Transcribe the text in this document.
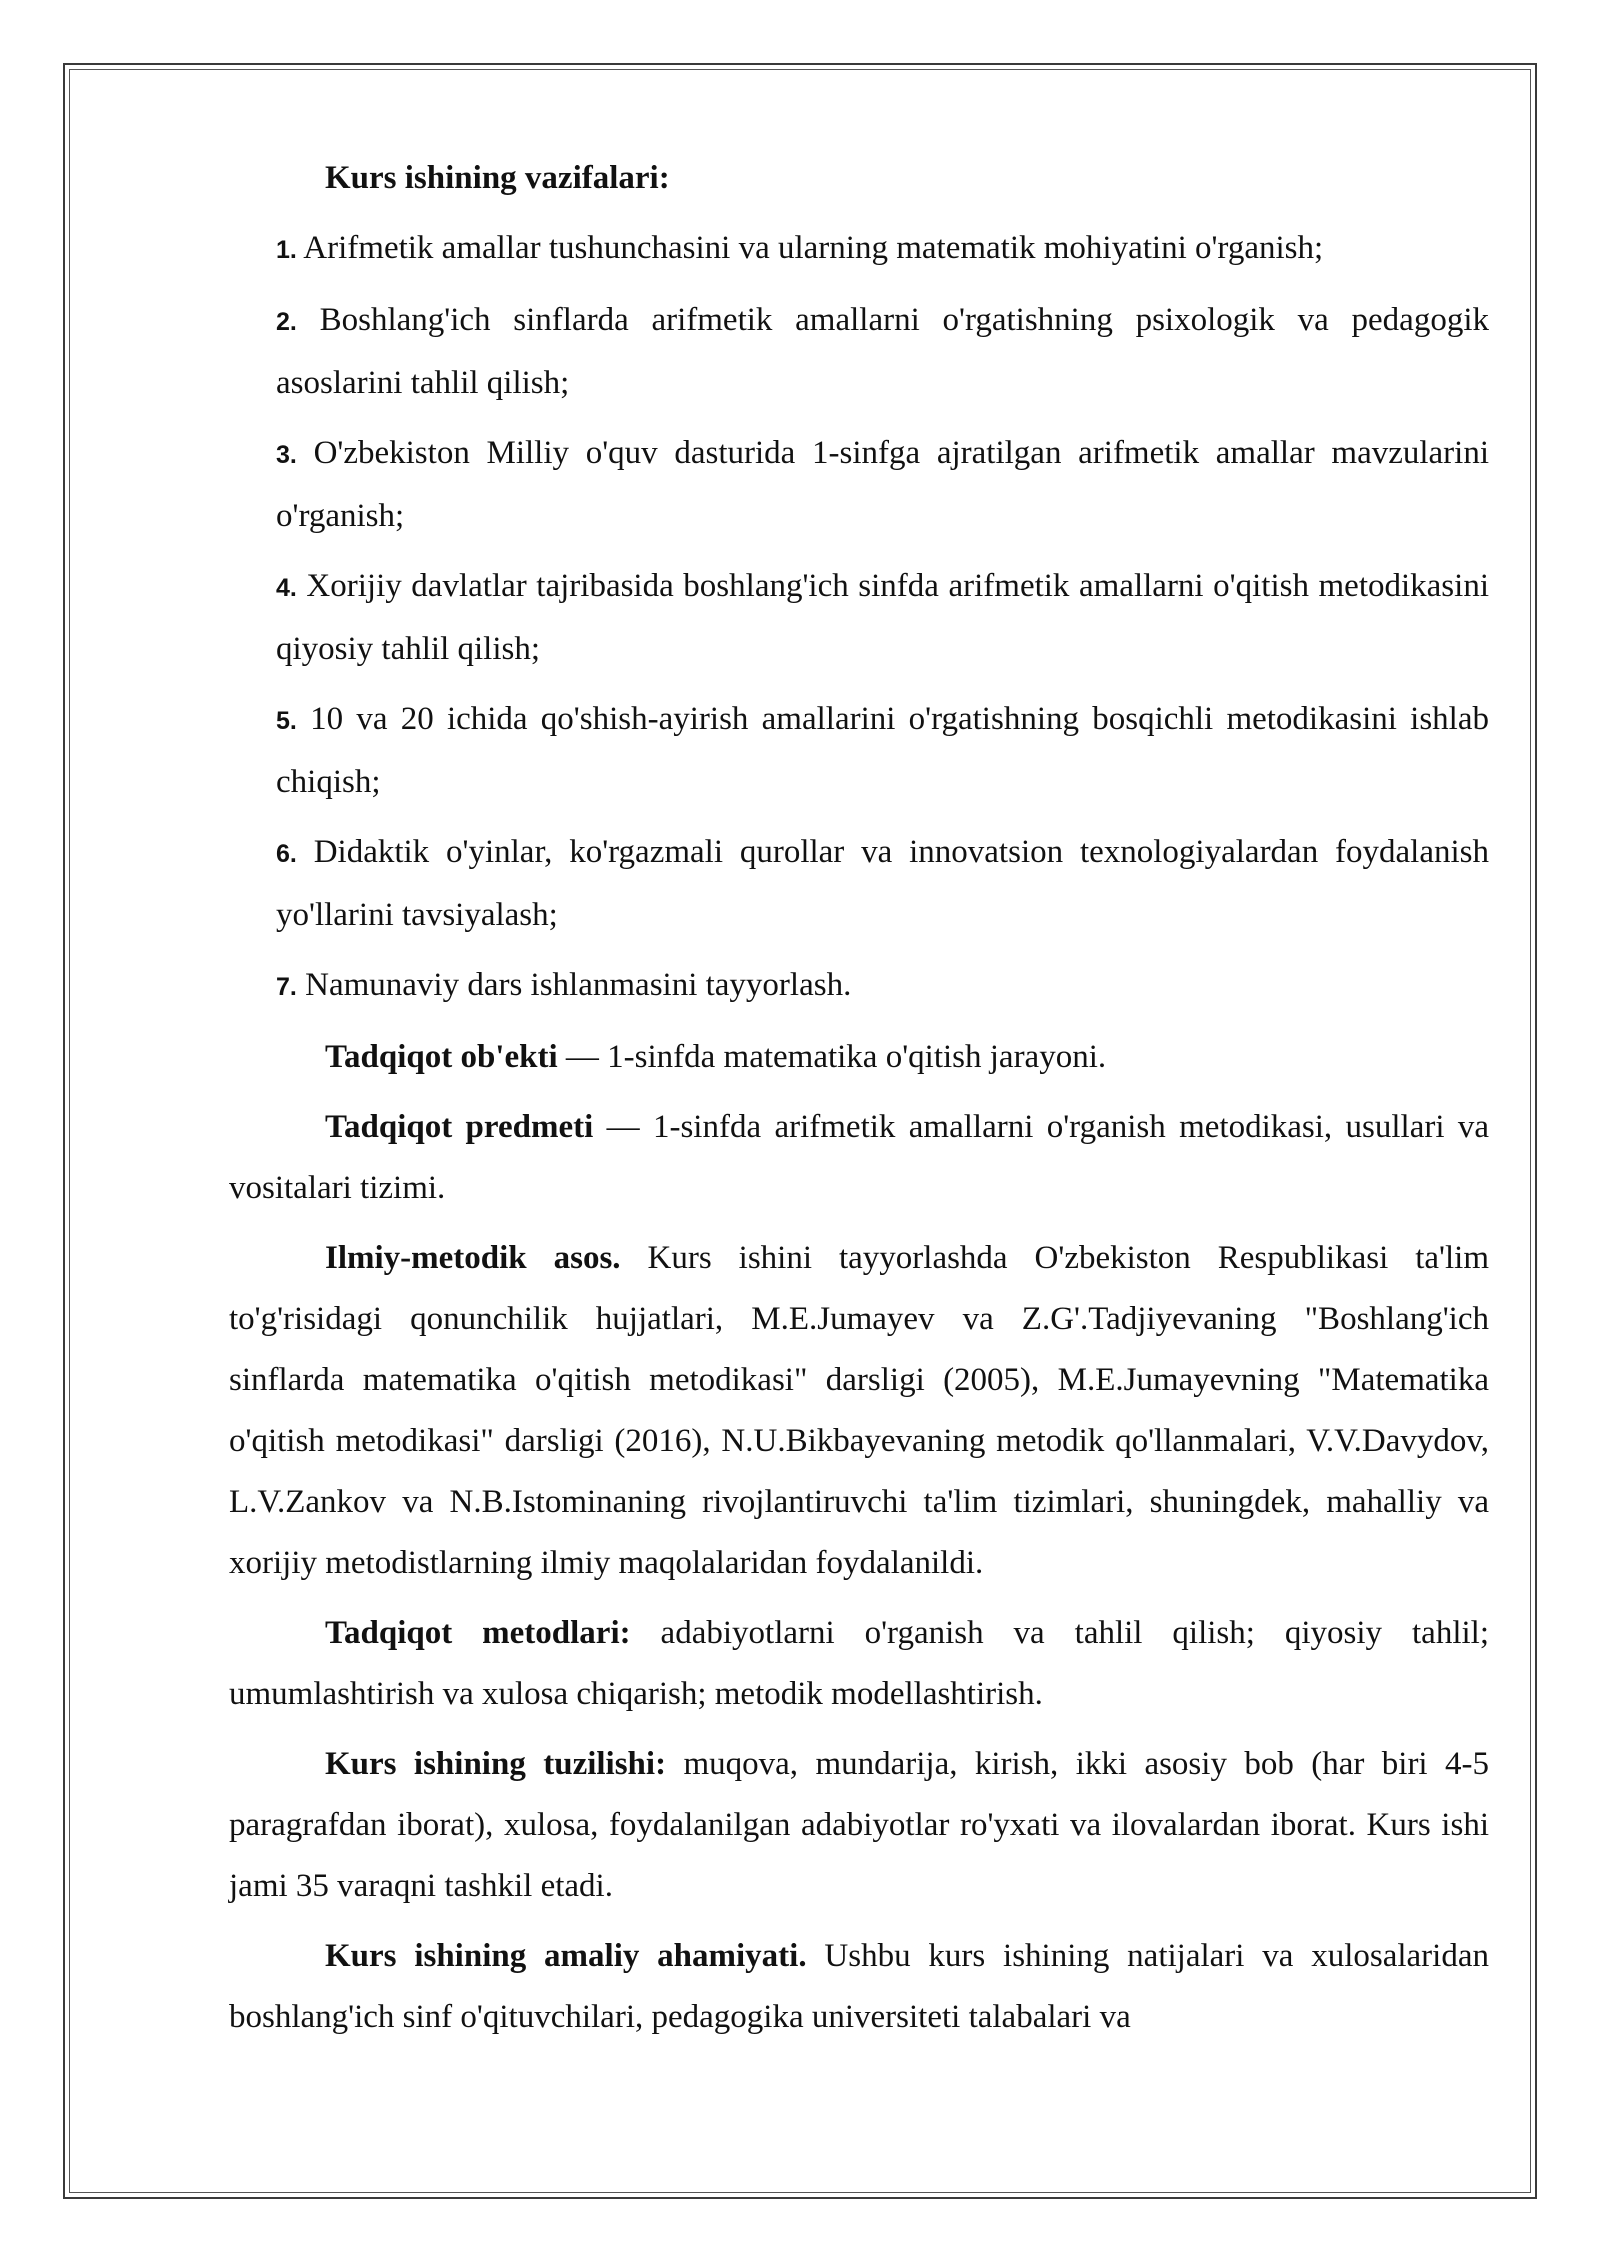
Kurs ishining vazifalari:

1. Arifmetik amallar tushunchasini va ularning matematik mohiyatini o'rganish;

2. Boshlang'ich sinflarda arifmetik amallarni o'rgatishning psixologik va pedagogik asoslarini tahlil qilish;

3. O'zbekiston Milliy o'quv dasturida 1-sinfga ajratilgan arifmetik amallar mavzularini o'rganish;

4. Xorijiy davlatlar tajribasida boshlang'ich sinfda arifmetik amallarni o'qitish metodikasini qiyosiy tahlil qilish;

5. 10 va 20 ichida qo'shish-ayirish amallarini o'rgatishning bosqichli metodikasini ishlab chiqish;

6. Didaktik o'yinlar, ko'rgazmali qurollar va innovatsion texnologiyalardan foydalanish yo'llarini tavsiyalash;

7. Namunaviy dars ishlanmasini tayyorlash.

Tadqiqot ob'ekti — 1-sinfda matematika o'qitish jarayoni.

Tadqiqot predmeti — 1-sinfda arifmetik amallarni o'rganish metodikasi, usullari va vositalari tizimi.

Ilmiy-metodik asos. Kurs ishini tayyorlashda O'zbekiston Respublikasi ta'lim to'g'risidagi qonunchilik hujjatlari, M.E.Jumayev va Z.G'.Tadjiyevaning "Boshlang'ich sinflarda matematika o'qitish metodikasi" darsligi (2005), M.E.Jumayevning "Matematika o'qitish metodikasi" darsligi (2016), N.U.Bikbayevaning metodik qo'llanmalari, V.V.Davydov, L.V.Zankov va N.B.Istominaning rivojlantiruvchi ta'lim tizimlari, shuningdek, mahalliy va xorijiy metodistlarning ilmiy maqolalaridan foydalanildi.

Tadqiqot metodlari: adabiyotlarni o'rganish va tahlil qilish; qiyosiy tahlil; umumlashtirish va xulosa chiqarish; metodik modellashtirish.

Kurs ishining tuzilishi: muqova, mundarija, kirish, ikki asosiy bob (har biri 4-5 paragrafdan iborat), xulosa, foydalanilgan adabiyotlar ro'yxati va ilovalardan iborat. Kurs ishi jami 35 varaqni tashkil etadi.

Kurs ishining amaliy ahamiyati. Ushbu kurs ishining natijalari va xulosalaridan boshlang'ich sinf o'qituvchilari, pedagogika universiteti talabalari va
